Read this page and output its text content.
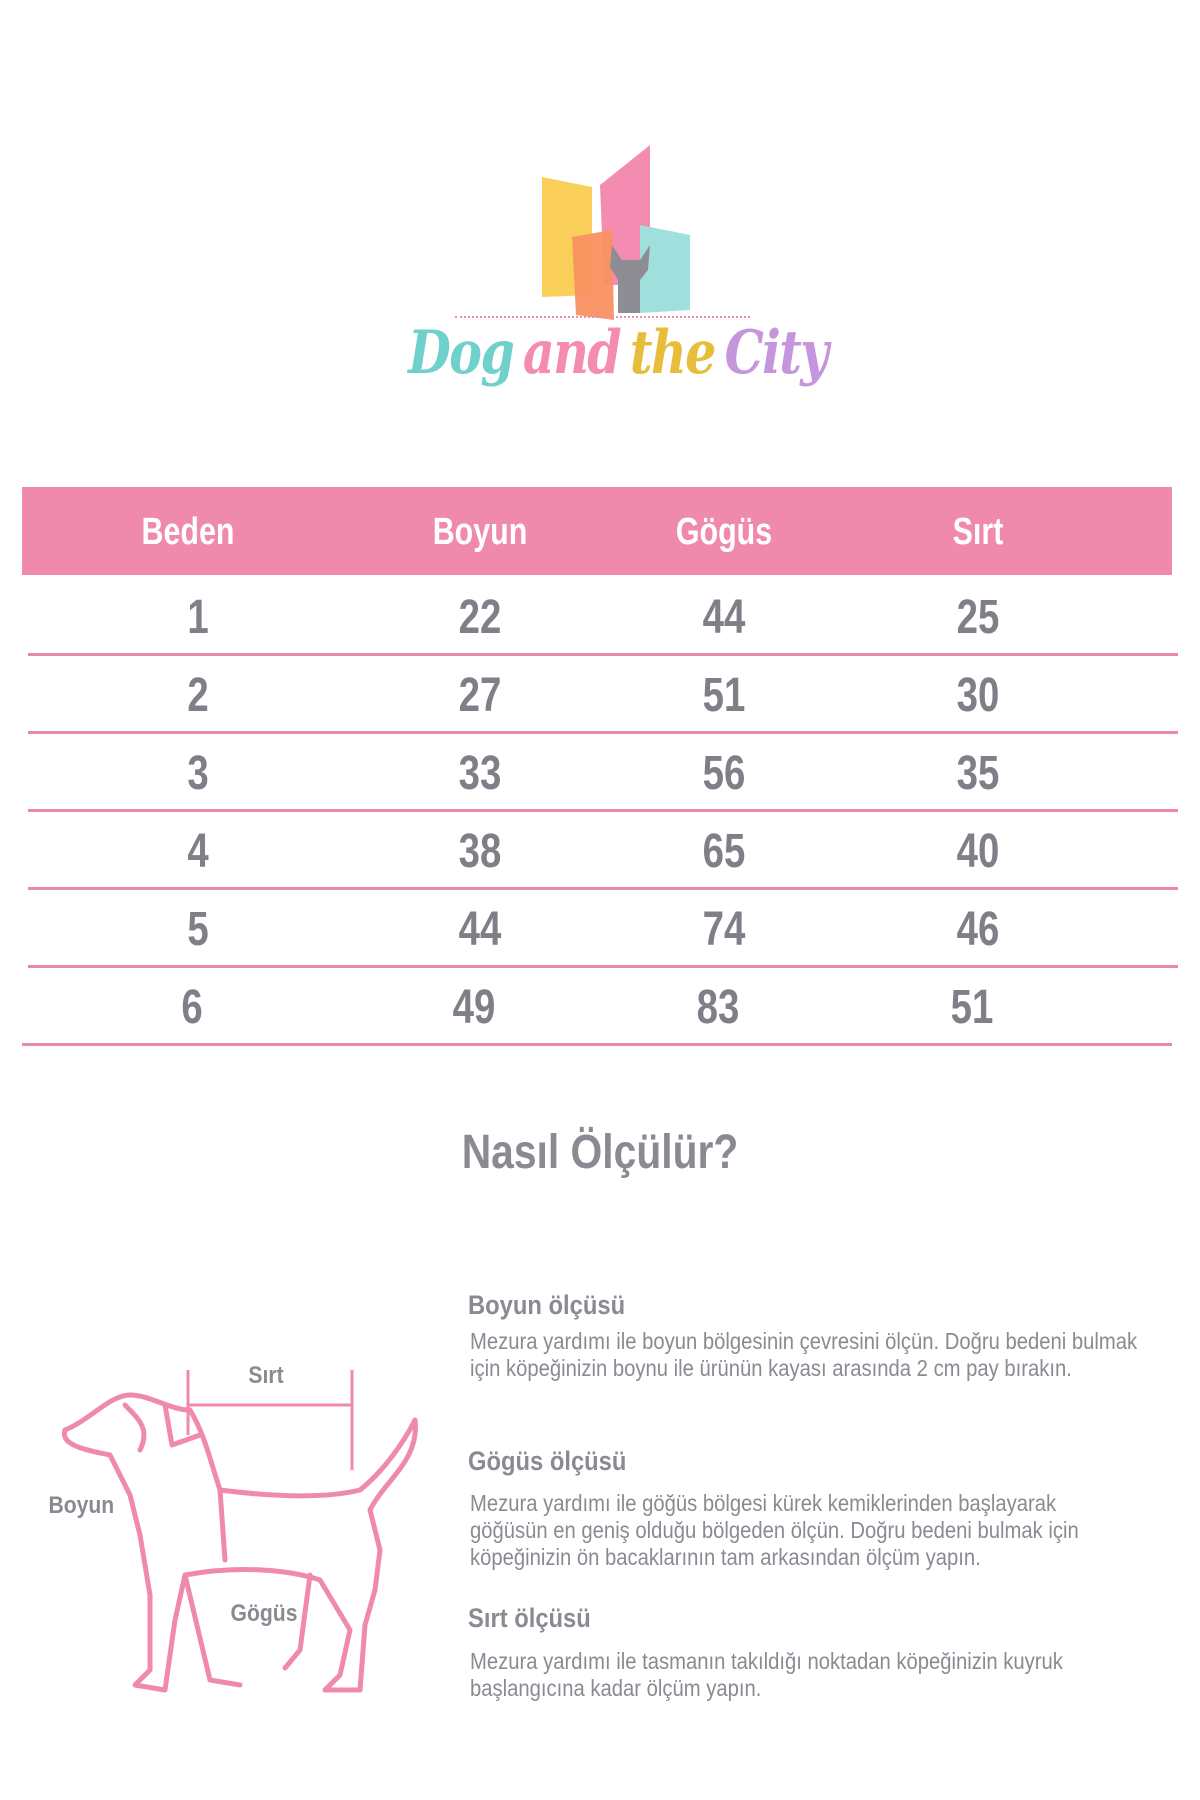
Dog and the City
Beden	Boyun	Gögüs	Sırt
1	22	44	25
2	27	51	30
3	33	56	35
4	38	65	40
5	44	74	46
6	49	83	51
Nasıl Ölçülür?
Sırt
Boyun
Gögüs
Boyun ölçüsü
Mezura yardımı ile boyun bölgesinin çevresini ölçün. Doğru bedeni bulmak için köpeğinizin boynu ile ürünün kayası arasında 2 cm pay bırakın.
Gögüs ölçüsü
Mezura yardımı ile göğüs bölgesi kürek kemiklerinden başlayarak göğüsün en geniş olduğu bölgeden ölçün. Doğru bedeni bulmak için köpeğinizin ön bacaklarının tam arkasından ölçüm yapın.
Sırt ölçüsü
Mezura yardımı ile tasmanın takıldığı noktadan köpeğinizin kuyruk başlangıcına kadar ölçüm yapın.
